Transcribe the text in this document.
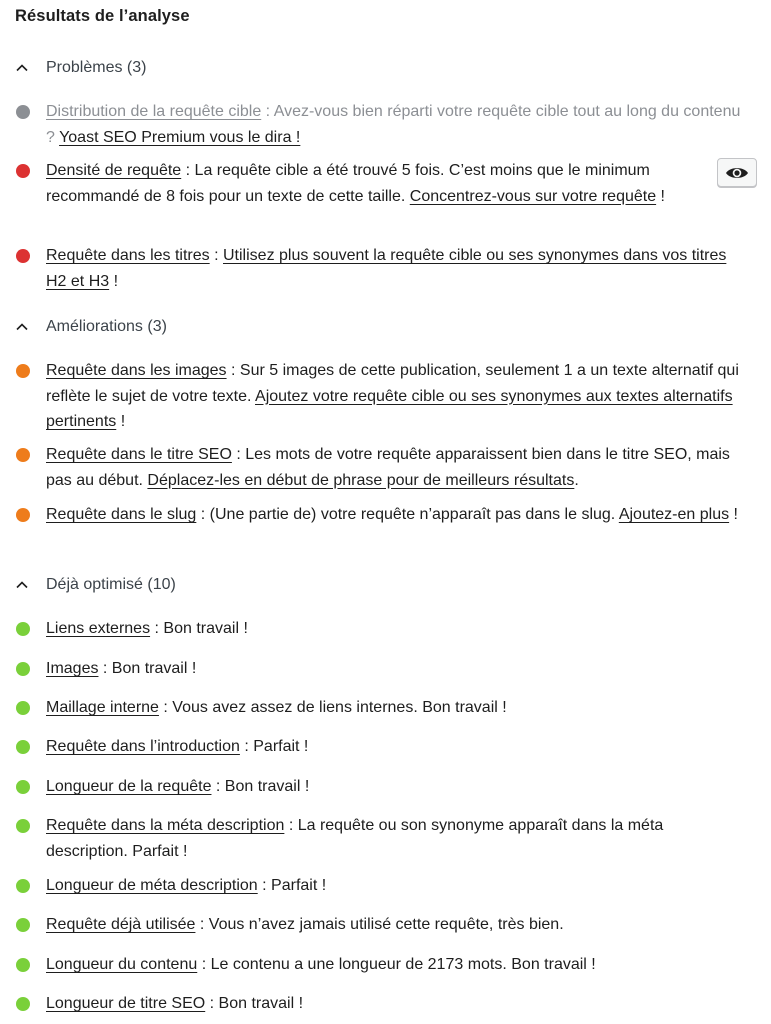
Résultats de l’analyse
Problèmes (3)
Distribution de la requête cible : Avez-vous bien réparti votre requête cible tout au long du contenu ? Yoast SEO Premium vous le dira !
Densité de requête : La requête cible a été trouvé 5 fois. C’est moins que le minimum recommandé de 8 fois pour un texte de cette taille. Concentrez-vous sur votre requête !
Requête dans les titres : Utilisez plus souvent la requête cible ou ses synonymes dans vos titres H2 et H3 !
Améliorations (3)
Requête dans les images : Sur 5 images de cette publication, seulement 1 a un texte alternatif qui reflète le sujet de votre texte. Ajoutez votre requête cible ou ses synonymes aux textes alternatifs pertinents !
Requête dans le titre SEO : Les mots de votre requête apparaissent bien dans le titre SEO, mais pas au début. Déplacez-les en début de phrase pour de meilleurs résultats.
Requête dans le slug : (Une partie de) votre requête n’apparaît pas dans le slug. Ajoutez-en plus !
Déjà optimisé (10)
Liens externes : Bon travail !
Images : Bon travail !
Maillage interne : Vous avez assez de liens internes. Bon travail !
Requête dans l’introduction : Parfait !
Longueur de la requête : Bon travail !
Requête dans la méta description : La requête ou son synonyme apparaît dans la méta description. Parfait !
Longueur de méta description : Parfait !
Requête déjà utilisée : Vous n’avez jamais utilisé cette requête, très bien.
Longueur du contenu : Le contenu a une longueur de 2173 mots. Bon travail !
Longueur de titre SEO : Bon travail !
